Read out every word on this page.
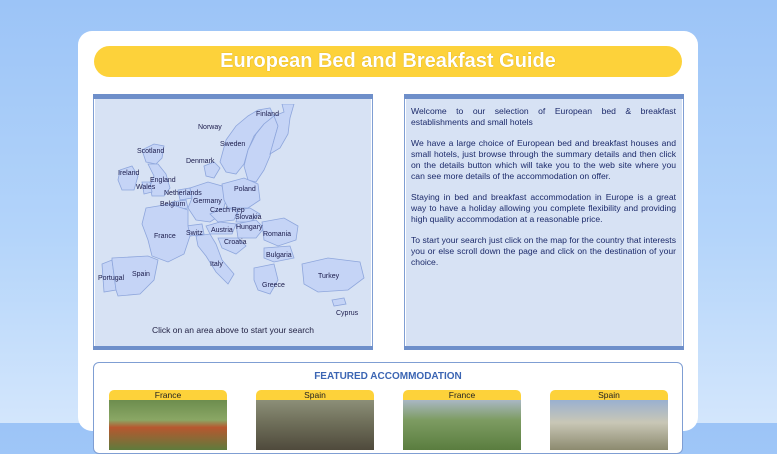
European Bed and Breakfast Guide
Finland
Norway
Sweden
Scotland
Denmark
Ireland
England
Wales
Netherlands
Germany
Poland
Belgium
Czech Rep
Slovakia
Austria Hungary
France Switz	Romania
Croatia
Bulgaria
Italy
Portugal
Spain	Turkey
Greece
Cyprus
Click on an area above to start your search

Welcome to our selection of European bed & breakfast establishments and small hotels

We have a large choice of European bed and breakfast houses and small hotels, just browse through the summary details and then click on the details button which will take you to the web site where you can see more details of the accommodation on offer.

Staying in bed and breakfast accommodation in Europe is a great way to have a holiday allowing you complete flexibility and providing high quality accommodation at a reasonable price.

To start your search just click on the map for the country that interests you or else scroll down the page and click on the destination of your choice.

FEATURED ACCOMMODATION
France	Spain	France	Spain
